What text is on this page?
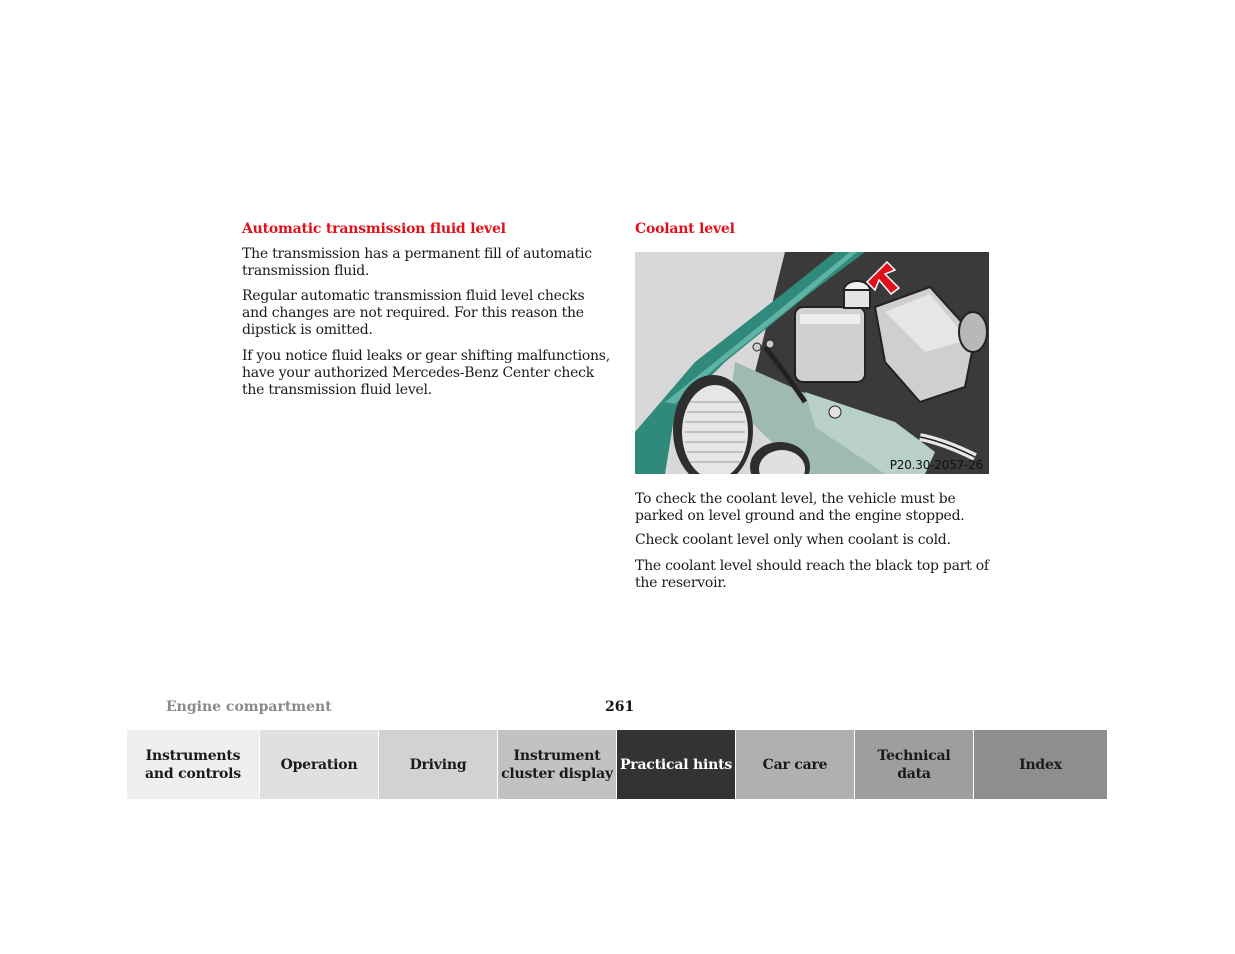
Automatic transmission fluid level

The transmission has a permanent fill of automatic transmission fluid.

Regular automatic transmission fluid level checks and changes are not required. For this reason the dipstick is omitted.

If you notice fluid leaks or gear shifting malfunctions, have your authorized Mercedes-Benz Center check the transmission fluid level.

Coolant level
P20.30-2057-26

To check the coolant level, the vehicle must be parked on level ground and the engine stopped.

Check coolant level only when coolant is cold.

The coolant level should reach the black top part of the reservoir.

Engine compartment	261
Instruments
and controls
Operation	Driving
Instrument
cluster display
Practical hints	Car care
Technical
data
Index
